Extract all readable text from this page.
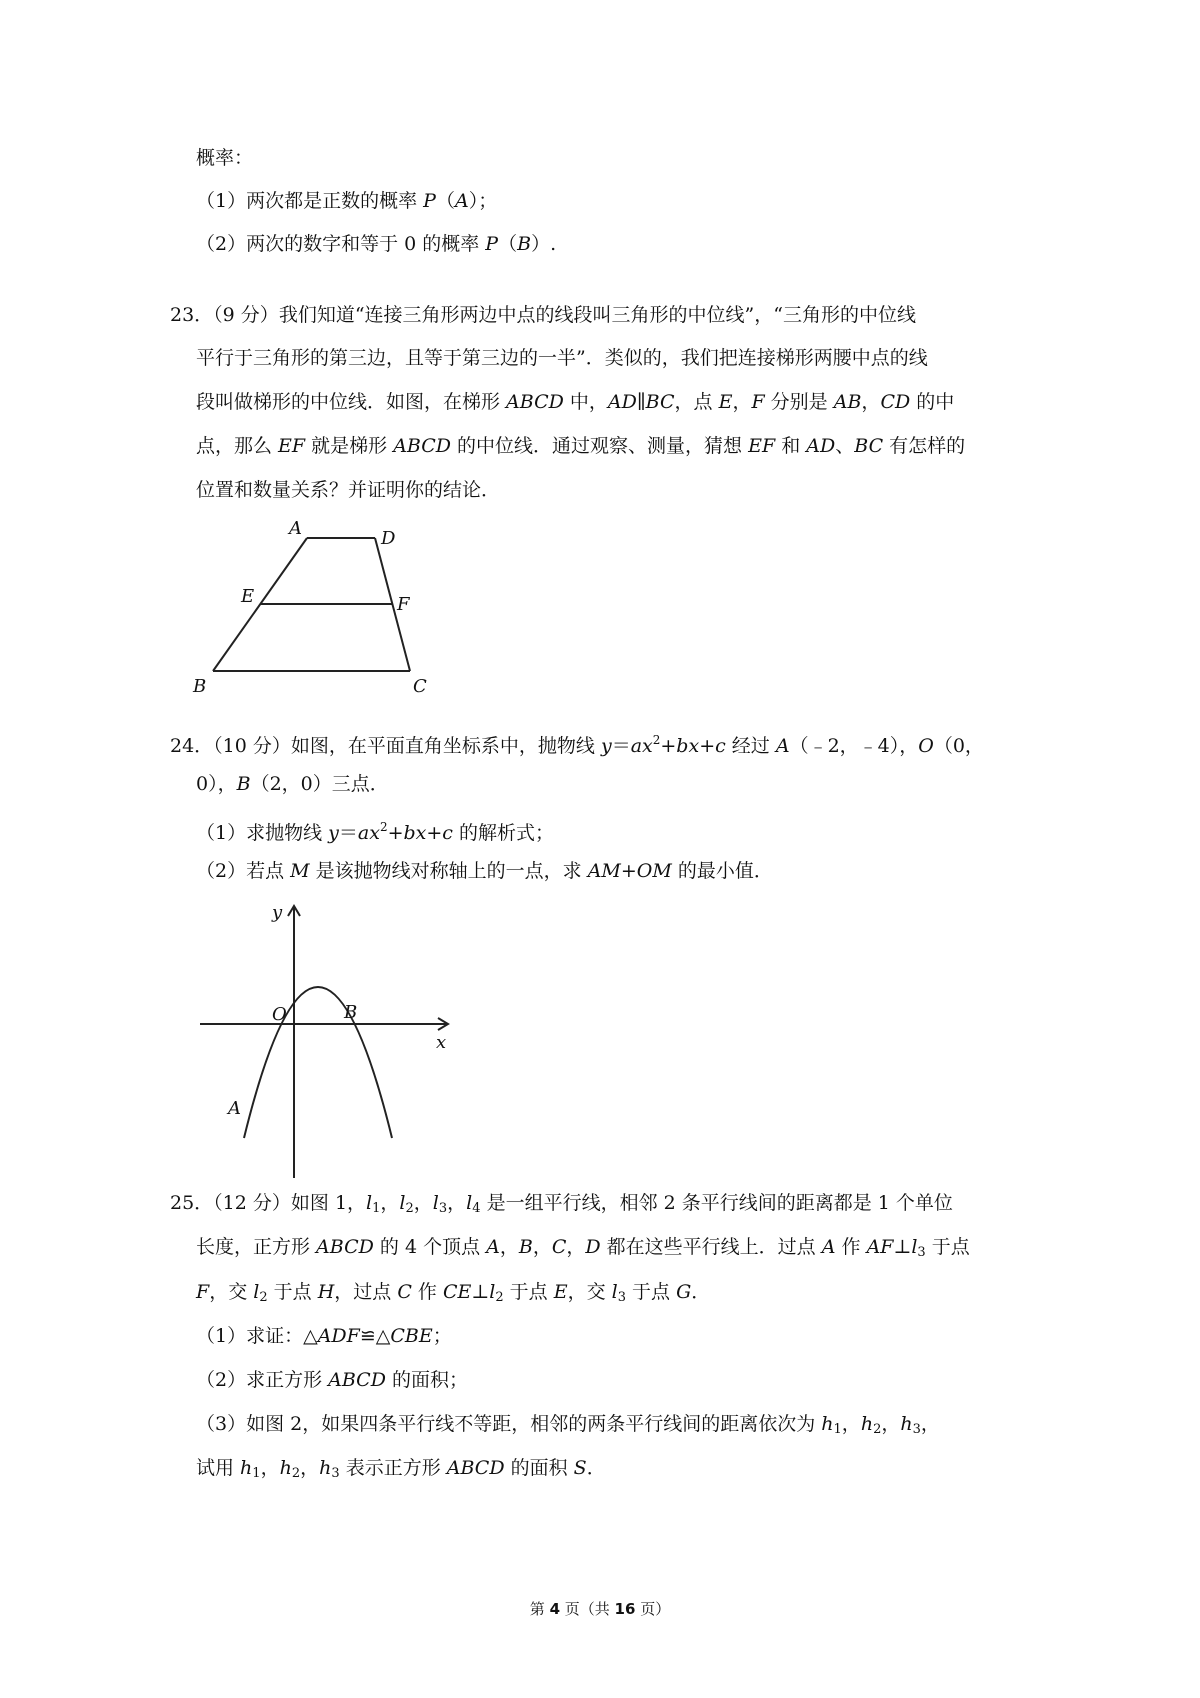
概率：
（1）两次都是正数的概率 P（A）；
（2）两次的数字和等于 0 的概率 P（B）.
23．（9 分）我们知道“连接三角形两边中点的线段叫三角形的中位线”，“三角形的中位线
平行于三角形的第三边，且等于第三边的一半”．类似的，我们把连接梯形两腰中点的线
段叫做梯形的中位线．如图，在梯形 ABCD 中，AD∥BC，点 E，F 分别是 AB，CD 的中
点，那么 EF 就是梯形 ABCD 的中位线．通过观察、测量，猜想 EF 和 AD、BC 有怎样的
位置和数量关系？并证明你的结论．
A	D
E	F
B	C
24．（10 分）如图，在平面直角坐标系中，抛物线 $y=ax^2+bx+c$ 经过 A（﹣2，﹣4），O（0，
0），B（2，0）三点．
（1）求抛物线 $y=ax^2+bx+c$ 的解析式；
（2）若点 M 是该抛物线对称轴上的一点，求 AM+OM 的最小值．
y
x
O	B
A
25．（12 分）如图 1，$l_1$，$l_2$，$l_3$，$l_4$ 是一组平行线，相邻 2 条平行线间的距离都是 1 个单位
长度，正方形 ABCD 的 4 个顶点 A，B，C，D 都在这些平行线上．过点 A 作 $AF\perp l_3$ 于点
F，交 $l_2$ 于点 H，过点 C 作 $CE\perp l_2$ 于点 E，交 $l_3$ 于点 G．
（1）求证：△ADF≌△CBE；
（2）求正方形 ABCD 的面积；
（3）如图 2，如果四条平行线不等距，相邻的两条平行线间的距离依次为 $h_1$，$h_2$，$h_3$，
试用 $h_1$，$h_2$，$h_3$ 表示正方形 ABCD 的面积 S．
第 4 页（共 16 页）
